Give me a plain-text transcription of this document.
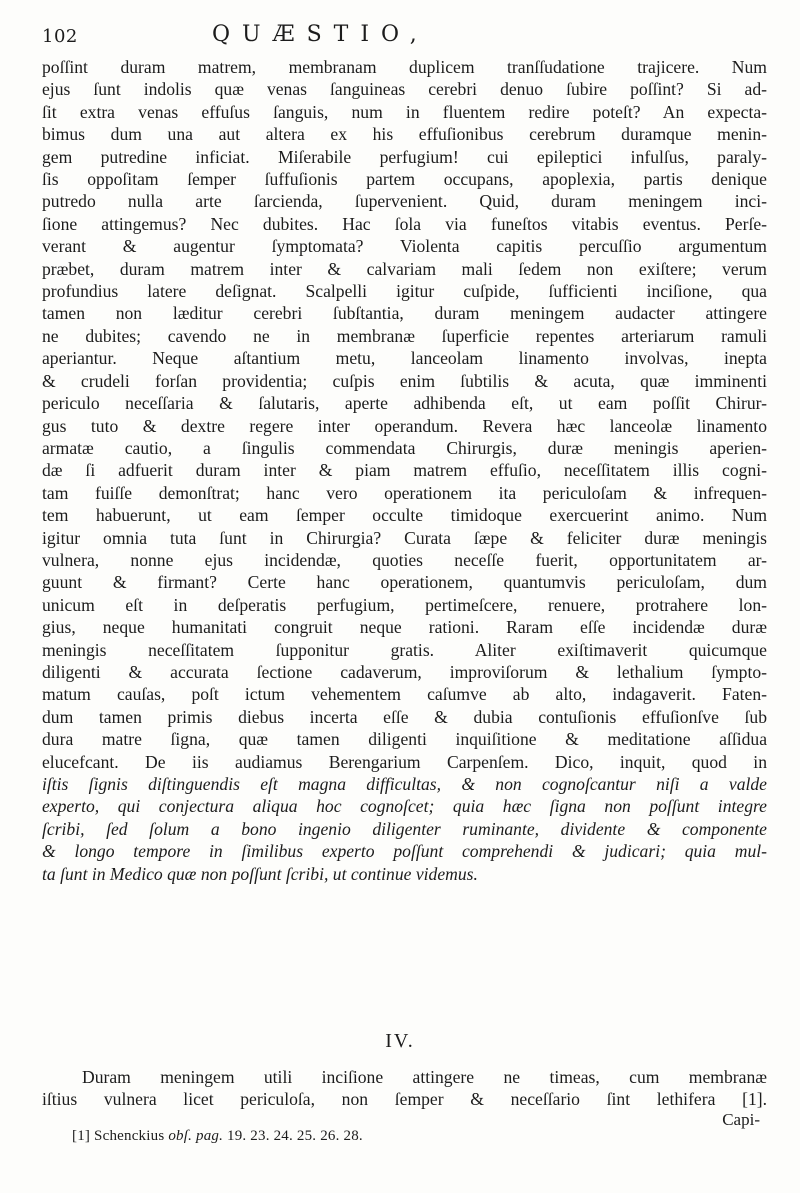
102	QUÆSTIO,
poſſint duram matrem, membranam duplicem tranſſudatione trajicere. Num
ejus ſunt indolis quæ venas ſanguineas cerebri denuo ſubire poſſint? Si ad-
ſit extra venas effuſus ſanguis, num in fluentem redire poteſt? An expecta-
bimus dum una aut altera ex his effuſionibus cerebrum duramque menin-
gem putredine inficiat. Miſerabile perfugium! cui epileptici infulſus, paraly-
ſis oppoſitam ſemper ſuffuſionis partem occupans, apoplexia, partis denique
putredo nulla arte ſarcienda, ſupervenient. Quid, duram meningem inci-
ſione attingemus? Nec dubites. Hac ſola via funeſtos vitabis eventus. Perſe-
verant & augentur ſymptomata? Violenta capitis percuſſio argumentum
præbet, duram matrem inter & calvariam mali ſedem non exiſtere; verum
profundius latere deſignat. Scalpelli igitur cuſpide, ſufficienti inciſione, qua
tamen non læditur cerebri ſubſtantia, duram meningem audacter attingere
ne dubites; cavendo ne in membranæ ſuperficie repentes arteriarum ramuli
aperiantur. Neque aſtantium metu, lanceolam linamento involvas, inepta
& crudeli forſan providentia; cuſpis enim ſubtilis & acuta, quæ imminenti
periculo neceſſaria & ſalutaris, aperte adhibenda eſt, ut eam poſſit Chirur-
gus tuto & dextre regere inter operandum. Revera hæc lanceolæ linamento
armatæ cautio, a ſingulis commendata Chirurgis, duræ meningis aperien-
dæ ſi adfuerit duram inter & piam matrem effuſio, neceſſitatem illis cogni-
tam fuiſſe demonſtrat; hanc vero operationem ita periculoſam & infrequen-
tem habuerunt, ut eam ſemper occulte timidoque exercuerint animo. Num
igitur omnia tuta ſunt in Chirurgia? Curata ſæpe & feliciter duræ meningis
vulnera, nonne ejus incidendæ, quoties neceſſe fuerit, opportunitatem ar-
guunt & firmant? Certe hanc operationem, quantumvis periculoſam, dum
unicum eſt in deſperatis perfugium, pertimeſcere, renuere, protrahere lon-
gius, neque humanitati congruit neque rationi. Raram eſſe incidendæ duræ
meningis neceſſitatem ſupponitur gratis. Aliter exiſtimaverit quicumque
diligenti & accurata ſectione cadaverum, improviſorum & lethalium ſympto-
matum cauſas, poſt ictum vehementem caſumve ab alto, indagaverit. Faten-
dum tamen primis diebus incerta eſſe & dubia contuſionis effuſionſve ſub
dura matre ſigna, quæ tamen diligenti inquiſitione & meditatione aſſidua
elucefcant. De iis audiamus Berengarium Carpenſem. Dico, inquit, quod in
iſtis ſignis diſtinguendis eſt magna difficultas, & non cognoſcantur niſi a valde
experto, qui conjectura aliqua hoc cognoſcet; quia hæc ſigna non poſſunt integre
ſcribi, ſed ſolum a bono ingenio diligenter ruminante, dividente & componente
& longo tempore in ſimilibus experto poſſunt comprehendi & judicari; quia mul-
ta ſunt in Medico quæ non poſſunt ſcribi, ut continue videmus.
IV.
Duram meningem utili inciſione attingere ne timeas, cum membranæ
iſtius vulnera licet periculoſa, non ſemper & neceſſario ſint lethifera [1].
Capi-
[1] Schenckius obſ. pag. 19. 23. 24. 25. 26. 28.
